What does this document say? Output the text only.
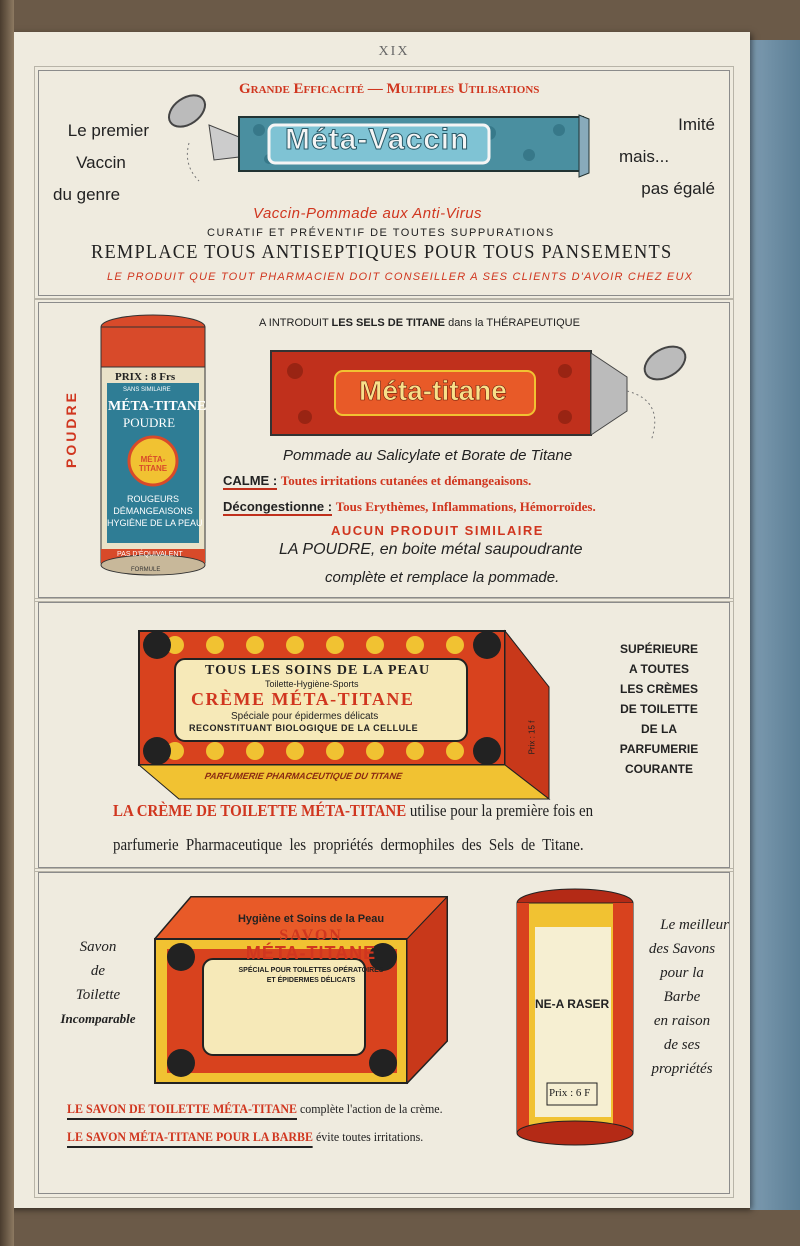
XIX
Grande Efficacité — Multiples Utilisations
Le premier
Vaccin
du genre
Imité
mais...
pas égalé
Méta-Vaccin
Vaccin-Pommade aux Anti-Virus
CURATIF ET PRÉVENTIF DE TOUTES SUPPURATIONS
REMPLACE TOUS ANTISEPTIQUES POUR TOUS PANSEMENTS
LE PRODUIT QUE TOUT PHARMACIEN DOIT CONSEILLER A SES CLIENTS D'AVOIR CHEZ EUX
POUDRE
PRIX : 8 Frs
SANS SIMILAIRE
MÉTA-TITANE
POUDRE
MÉTA-TITANE
ROUGEURS
DÉMANGEAISONS
HYGIÈNE DE LA PEAU
PAS D'ÉQUIVALENT
FORMULE
A INTRODUIT LES SELS DE TITANE dans la THÉRAPEUTIQUE
Méta-titane
Pommade au Salicylate et Borate de Titane
CALME : Toutes irritations cutanées et démangeaisons.
Décongestionne : Tous Erythèmes, Inflammations, Hémorroïdes.
AUCUN PRODUIT SIMILAIRE
LA POUDRE, en boite métal saupoudrante
complète et remplace la pommade.
TOUS LES SOINS DE LA PEAU
Toilette-Hygiène-Sports
CRÈME MÉTA-TITANE
Spéciale pour épidermes délicats
RECONSTITUANT BIOLOGIQUE DE LA CELLULE
PARFUMERIE PHARMACEUTIQUE DU TITANE
Prix : 15 f
SUPÉRIEURE
A TOUTES
LES CRÈMES
DE TOILETTE
DE LA
PARFUMERIE
COURANTE
LA CRÈME DE TOILETTE MÉTA-TITANE utilise pour la première fois en
parfumerie Pharmaceutique les propriétés dermophiles des Sels de Titane.
Savon
de
Toilette
Incomparable
Hygiène et Soins de la Peau
SAVON
MÉTA-TITANE
SPÉCIAL POUR TOILETTES OPÉRATOIRES
ET ÉPIDERMES DÉLICATS
NE-A RASER
Prix : 6 F
Le meilleur
des Savons
pour la
Barbe
en raison
de ses
propriétés
LE SAVON DE TOILETTE MÉTA-TITANE complète l'action de la crème.
LE SAVON MÉTA-TITANE POUR LA BARBE évite toutes irritations.
